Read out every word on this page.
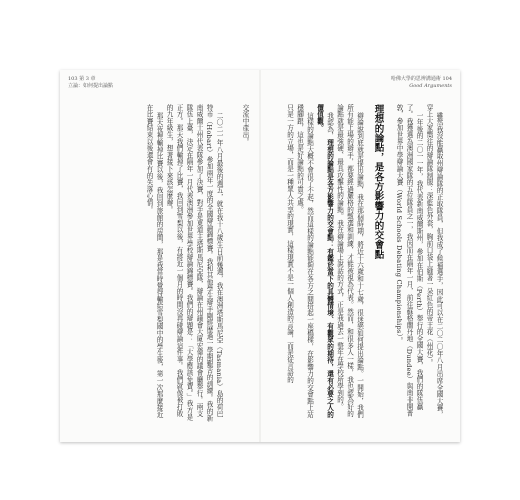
103 第 3 章
立論：如何提出論點

交流中產出。

二〇二一年八月最後的週五，就在我十八歲生日前幾週，我在澳洲塔斯馬尼亞（Tasmania）島的荷巴特市（Hobart）參加兩年一度的全國辯論錦標賽。我和其他學生辯手剛經歷過一學期艱苦的訓練。我的新南威爾士州代表隊參加了決賽，對手是東道主塔斯馬尼亞隊，辯論在州議會大廈宏偉的議會廳舉行。兩支隊伍上臺，決定在隔年一月代表澳洲參加世界學校辯論錦標賽。我們的辯題是：「大學應該免費。」我方是正方。那天我們輸掉了比賽，我回到雪梨以後，有將近一個月的時間沒再碰辯論這件事。我們就像被打敗的九年級生，想著接下來該怎麼辦。

那天夜裡輸掉比賽以後，我回到旅館的房間，那是我當時覺得輸給雪梨國中的學生後，第一次那麼接近在比賽結束以後還會有的失落心情。

哈佛大學的思辨溝通術 104
Good Arguments

雖然我沒能贏取州辯論隊的正取隊員，但我成了候補選手，因此可以在二〇二〇年八月出席全國大賽，穿上大家嚮往的辯論隊制服：深藍色外套，胸前口袋上縫著一朵紅色的帝王花（州花）。

一年後的二〇一一年，我代表新南威爾斯州，參加在伯斯（Perth）舉行的全國大賽，我們的隊伍贏了。我獲選為澳洲國家隊的五位隊員之一，我因而在隔年一月，前往蘇格蘭丹地（Dundee）與南非開普敦，參加世界中學辯論大賽（World Schools Debating Championships）。

理想的論點，是各方影響力的交會點

辯論說到底就是提出論點，我在那個時期，將近十六歲和十七歲，很迷戀如何提出論點。一開始，我們所有能上場的辯手，都要經過嚴格的甄選和訓練，才能被視為代表。然而，和很多人一樣，我也認為好的論點就是最強硬、最具攻擊性的論點。我在辯論場上說話的方式，正是我過去一整年在學校所學到的。

我認為，理想的論點是各方影響力的交會點：有鑑於當下的具體情境、有觀眾的期待，還有必要之人的價值觀。

這樣的論點大概不會很了不起，然而這樣的論點能夠在各方之間搭起一座橋樑，在影響力的交會點上站穩腳跟，這也是好論點的可貴之處。

只是一方的立場，而是一種眾人共享的現實，這樣現實不是一個人創造的言論，而是從言語的
